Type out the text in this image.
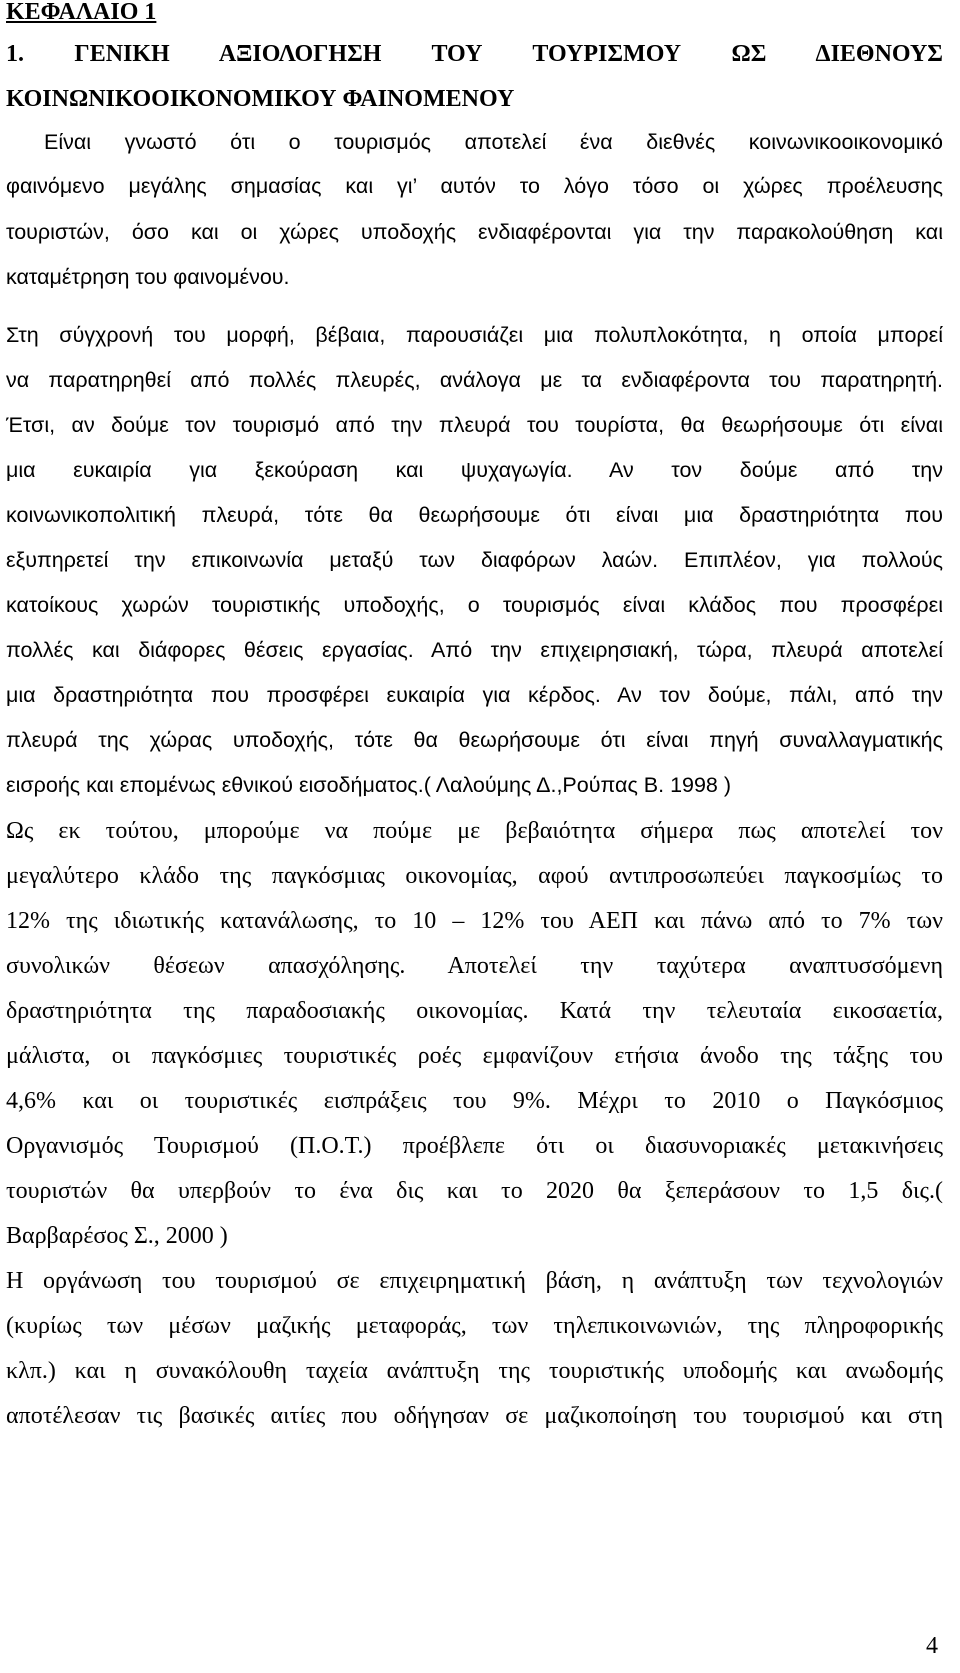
ΚΕΦΑΛΑΙΟ 1
1. ΓΕΝΙΚΗ ΑΞΙΟΛΟΓΗΣΗ ΤΟΥ ΤΟΥΡΙΣΜΟΥ ΩΣ ΔΙΕΘΝΟΥΣ
ΚΟΙΝΩΝΙΚΟΟΙΚΟΝΟΜΙΚΟΥ ΦΑΙΝΟΜΕΝΟΥ
Είναι γνωστό ότι ο τουρισμός αποτελεί ένα διεθνές κοινωνικοοικονομικό
φαινόμενο μεγάλης σημασίας και γι’ αυτόν το λόγο τόσο οι χώρες προέλευσης
τουριστών, όσο και οι χώρες υποδοχής ενδιαφέρονται για την παρακολούθηση και
καταμέτρηση του φαινομένου.
Στη σύγχρονή του μορφή, βέβαια, παρουσιάζει μια πολυπλοκότητα, η οποία μπορεί
να παρατηρηθεί από πολλές πλευρές, ανάλογα με τα ενδιαφέροντα του παρατηρητή.
Έτσι, αν δούμε τον τουρισμό από την πλευρά του τουρίστα, θα θεωρήσουμε ότι είναι
μια ευκαιρία για ξεκούραση και ψυχαγωγία. Αν τον δούμε από την
κοινωνικοπολιτική πλευρά, τότε θα θεωρήσουμε ότι είναι μια δραστηριότητα που
εξυπηρετεί την επικοινωνία μεταξύ των διαφόρων λαών. Επιπλέον, για πολλούς
κατοίκους χωρών τουριστικής υποδοχής, ο τουρισμός είναι κλάδος που προσφέρει
πολλές και διάφορες θέσεις εργασίας. Από την επιχειρησιακή, τώρα, πλευρά αποτελεί
μια δραστηριότητα που προσφέρει ευκαιρία για κέρδος. Αν τον δούμε, πάλι, από την
πλευρά της χώρας υποδοχής, τότε θα θεωρήσουμε ότι είναι πηγή συναλλαγματικής
εισροής και επομένως εθνικού εισοδήματος.( Λαλούμης Δ.,Ρούπας Β. 1998 )
Ως εκ τούτου, μπορούμε να πούμε με βεβαιότητα σήμερα πως αποτελεί τον
μεγαλύτερο κλάδο της παγκόσμιας οικονομίας, αφού αντιπροσωπεύει παγκοσμίως το
12% της ιδιωτικής κατανάλωσης, το 10 – 12% του ΑΕΠ και πάνω από το 7% των
συνολικών θέσεων απασχόλησης. Αποτελεί την ταχύτερα αναπτυσσόμενη
δραστηριότητα της παραδοσιακής οικονομίας. Κατά την τελευταία εικοσαετία,
μάλιστα, οι παγκόσμιες τουριστικές ροές εμφανίζουν ετήσια άνοδο της τάξης του
4,6% και οι τουριστικές εισπράξεις του 9%. Μέχρι το 2010 ο Παγκόσμιος
Οργανισμός Τουρισμού (Π.Ο.Τ.) προέβλεπε ότι οι διασυνοριακές μετακινήσεις
τουριστών θα υπερβούν το ένα δις και το 2020 θα ξεπεράσουν το 1,5 δις.(
Βαρβαρέσος Σ., 2000 )
Η οργάνωση του τουρισμού σε επιχειρηματική βάση, η ανάπτυξη των τεχνολογιών
(κυρίως των μέσων μαζικής μεταφοράς, των τηλεπικοινωνιών, της πληροφορικής
κλπ.) και η συνακόλουθη ταχεία ανάπτυξη της τουριστικής υποδομής και ανωδομής
αποτέλεσαν τις βασικές αιτίες που οδήγησαν σε μαζικοποίηση του τουρισμού και στη
4
